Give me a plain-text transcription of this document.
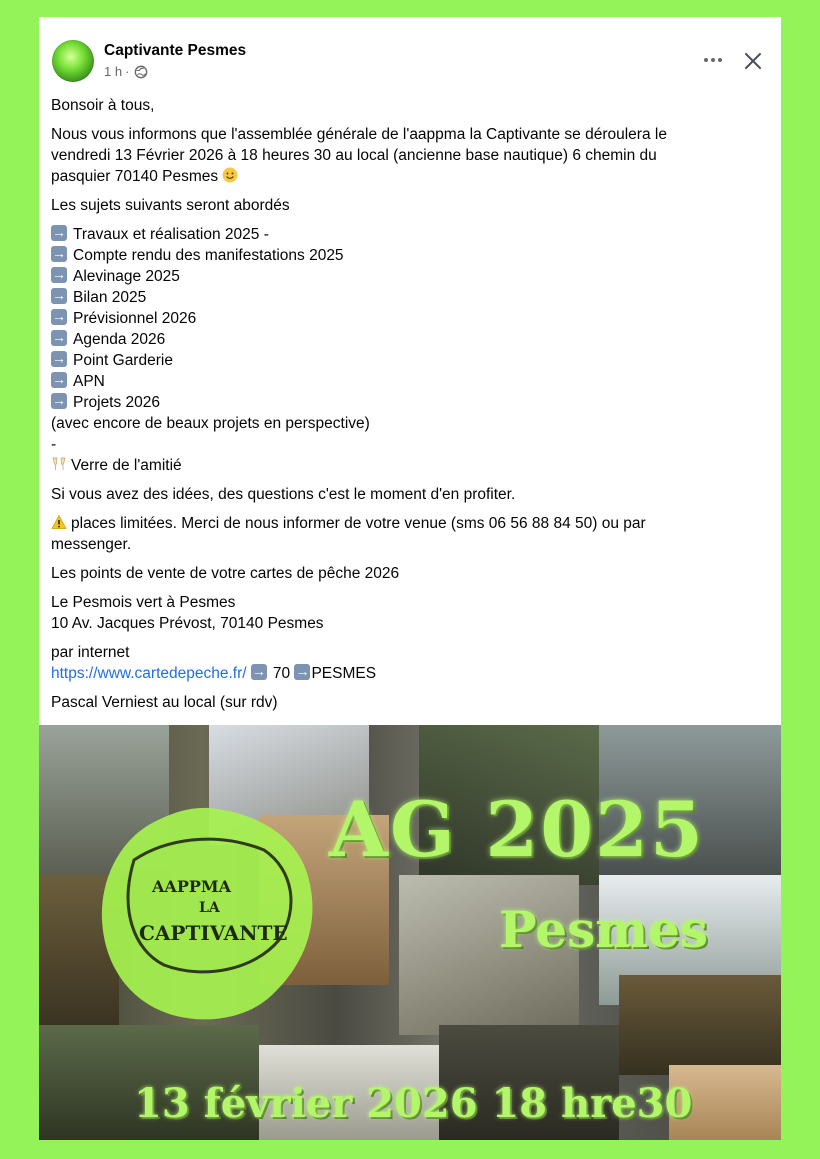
Captivante Pesmes
1 h ·

Bonsoir à tous,

Nous vous informons que l'assemblée générale de l'aappma la Captivante se déroulera le
vendredi 13 Février 2026 à 18 heures 30 au local (ancienne base nautique) 6 chemin du
pasquier 70140 Pesmes

Les sujets suivants seront abordés

→Travaux et réalisation 2025 -
→Compte rendu des manifestations 2025
→Alevinage 2025
→Bilan 2025
→Prévisionnel 2026
→Agenda 2026
→Point Garderie
→APN
→Projets 2026
(avec encore de beaux projets en perspective)
-
Verre de l'amitié

Si vous avez des idées, des questions c'est le moment d'en profiter.

places limitées. Merci de nous informer de votre venue (sms 06 56 88 84 50) ou par
messenger.

Les points de vente de votre cartes de pêche 2026

Le Pesmois vert à Pesmes
10 Av. Jacques Prévost, 70140 Pesmes

par internet
https://www.cartedepeche.fr/ → 70 → PESMES

Pascal Verniest au local (sur rdv)

AAPPMA
LA
CAPTIVANTE
AG 2025
Pesmes
13 février 2026 18 hre30
